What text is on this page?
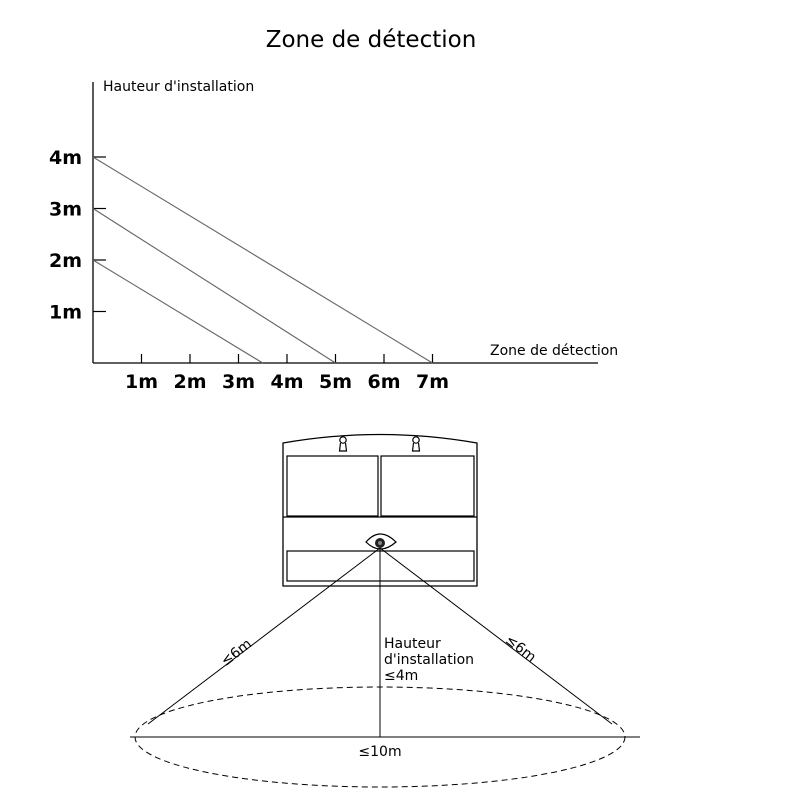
Zone de détection
Hauteur d'installation
Zone de détection
1m
2m
3m
4m
1m 2m 3m 4m 5m 6m 7m
≤6m	≤6m
Hauteur
d'installation
≤4m
≤10m
